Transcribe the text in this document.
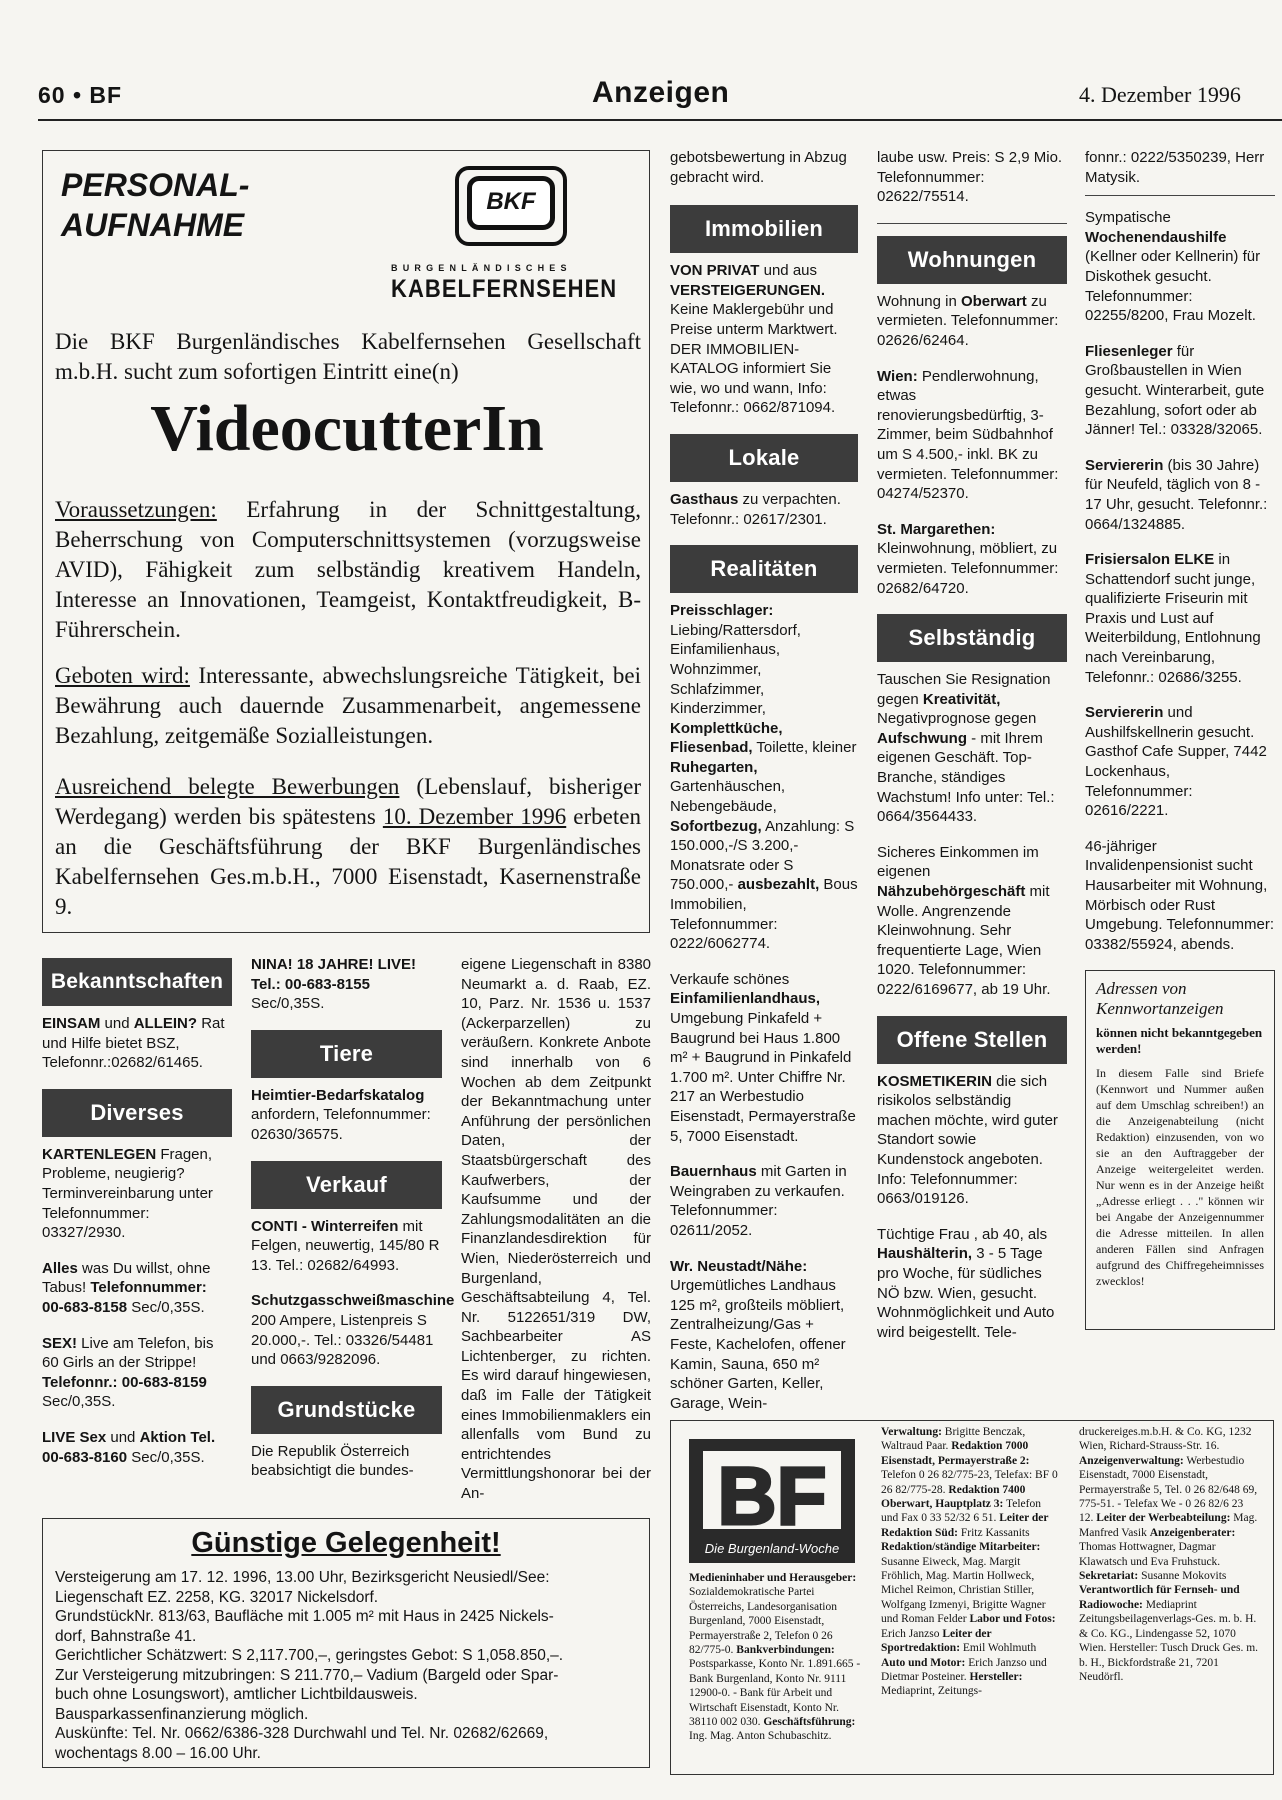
60 • BF	Anzeigen	4. Dezember 1996
PERSONAL-
AUFNAHME
BKF
BURGENLÄNDISCHES
KABELFERNSEHEN
Die BKF Burgenländisches Kabelfernsehen Gesellschaft m.b.H. sucht zum sofortigen Eintritt eine(n)
VideocutterIn
Voraussetzungen: Erfahrung in der Schnittgestaltung, Beherrschung von Computerschnittsystemen (vorzugsweise AVID), Fähigkeit zum selbständig kreativem Handeln, Interesse an Innovationen, Teamgeist, Kontaktfreudigkeit, B-Führerschein.
Geboten wird: Interessante, abwechslungsreiche Tätigkeit, bei Bewährung auch dauernde Zusammenarbeit, angemessene Bezahlung, zeitgemäße Sozialleistungen.
Ausreichend belegte Bewerbungen (Lebenslauf, bisheriger Werdegang) werden bis spätestens 10. Dezember 1996 erbeten an die Geschäftsführung der BKF Burgenländisches Kabelfernsehen Ges.m.b.H., 7000 Eisenstadt, Kasernenstraße 9.
gebotsbewertung in Abzug gebracht wird.
Immobilien
VON PRIVAT und aus VERSTEIGERUNGEN. Keine Maklergebühr und Preise unterm Marktwert. DER IMMOBILIEN-KATALOG informiert Sie wie, wo und wann, Info: Telefonnr.: 0662/871094.
Lokale
Gasthaus zu verpachten. Telefonnr.: 02617/2301.
Realitäten
Preisschlager: Liebing/Rattersdorf, Einfamilienhaus, Wohnzimmer, Schlafzimmer, Kinderzimmer, Komplettküche, Fliesenbad, Toilette, kleiner Ruhegarten, Gartenhäuschen, Nebengebäude, Sofortbezug, Anzahlung: S 150.000,-/S 3.200,- Monatsrate oder S 750.000,- ausbezahlt, Bous Immobilien, Telefonnummer: 0222/6062774.
Verkaufe schönes Einfamilienlandhaus, Umgebung Pinkafeld + Baugrund bei Haus 1.800 m² + Baugrund in Pinkafeld 1.700 m². Unter Chiffre Nr. 217 an Werbestudio Eisenstadt, Permayerstraße 5, 7000 Eisenstadt.
Bauernhaus mit Garten in Weingraben zu verkaufen. Telefonnummer: 02611/2052.
Wr. Neustadt/Nähe: Urgemütliches Landhaus 125 m², großteils möbliert, Zentralheizung/Gas + Feste, Kachelofen, offener Kamin, Sauna, 650 m² schöner Garten, Keller, Garage, Wein-
laube usw. Preis: S 2,9 Mio. Telefonnummer: 02622/75514.
Wohnungen
Wohnung in Oberwart zu vermieten. Telefonnummer: 02626/62464.
Wien: Pendlerwohnung, etwas renovierungsbedürftig, 3-Zimmer, beim Südbahnhof um S 4.500,- inkl. BK zu vermieten. Telefonnummer: 04274/52370.
St. Margarethen: Kleinwohnung, möbliert, zu vermieten. Telefonnummer: 02682/64720.
Selbständig
Tauschen Sie Resignation gegen Kreativität, Negativprognose gegen Aufschwung - mit Ihrem eigenen Geschäft. Top-Branche, ständiges Wachstum! Info unter: Tel.: 0664/3564433.
Sicheres Einkommen im eigenen Nähzubehörgeschäft mit Wolle. Angrenzende Kleinwohnung. Sehr frequentierte Lage, Wien 1020. Telefonnummer: 0222/6169677, ab 19 Uhr.
Offene Stellen
KOSMETIKERIN die sich risikolos selbständig machen möchte, wird guter Standort sowie Kundenstock angeboten. Info: Telefonnummer: 0663/019126.
Tüchtige Frau , ab 40, als Haushälterin, 3 - 5 Tage pro Woche, für südliches NÖ bzw. Wien, gesucht. Wohnmöglichkeit und Auto wird beigestellt. Tele-
fonnr.: 0222/5350239, Herr Matysik.
Sympatische Wochenendaushilfe (Kellner oder Kellnerin) für Diskothek gesucht. Telefonnummer: 02255/8200, Frau Mozelt.
Fliesenleger für Großbaustellen in Wien gesucht. Winterarbeit, gute Bezahlung, sofort oder ab Jänner! Tel.: 03328/32065.
Serviererin (bis 30 Jahre) für Neufeld, täglich von 8 - 17 Uhr, gesucht. Telefonnr.: 0664/1324885.
Frisiersalon ELKE in Schattendorf sucht junge, qualifizierte Friseurin mit Praxis und Lust auf Weiterbildung, Entlohnung nach Vereinbarung, Telefonnr.: 02686/3255.
Serviererin und Aushilfskellnerin gesucht. Gasthof Cafe Supper, 7442 Lockenhaus, Telefonnummer: 02616/2221.
46-jähriger Invalidenpensionist sucht Hausarbeiter mit Wohnung, Mörbisch oder Rust Umgebung. Telefonnummer: 03382/55924, abends.
Adressen von
Kennwortanzeigen
können nicht bekanntgegeben werden!
In diesem Falle sind Briefe (Kennwort und Nummer außen auf dem Umschlag schreiben!) an die Anzeigenabteilung (nicht Redaktion) einzusenden, von wo sie an den Auftraggeber der Anzeige weitergeleitet werden. Nur wenn es in der Anzeige heißt „Adresse erliegt . . ." können wir bei Angabe der Anzeigennummer die Adresse mitteilen. In allen anderen Fällen sind Anfragen aufgrund des Chiffregeheimnisses zwecklos!
Bekanntschaften
EINSAM und ALLEIN? Rat und Hilfe bietet BSZ, Telefonnr.:02682/61465.
Diverses
KARTENLEGEN Fragen, Probleme, neugierig? Terminvereinbarung unter Telefonnummer: 03327/2930.
Alles was Du willst, ohne Tabus! Telefonnummer: 00-683-8158 Sec/0,35S.
SEX! Live am Telefon, bis 60 Girls an der Strippe! Telefonnr.: 00-683-8159 Sec/0,35S.
LIVE Sex und Aktion Tel. 00-683-8160 Sec/0,35S.
NINA! 18 JAHRE! LIVE! Tel.: 00-683-8155 Sec/0,35S.
Tiere
Heimtier-Bedarfskatalog anfordern, Telefonnummer: 02630/36575.
Verkauf
CONTI - Winterreifen mit Felgen, neuwertig, 145/80 R 13. Tel.: 02682/64993.
Schutzgasschweißmaschine 200 Ampere, Listenpreis S 20.000,-. Tel.: 03326/54481 und 0663/9282096.
Grundstücke
Die Republik Österreich beabsichtigt die bundes-
eigene Liegenschaft in 8380 Neumarkt a. d. Raab, EZ. 10, Parz. Nr. 1536 u. 1537 (Ackerparzellen) zu veräußern. Konkrete Anbote sind innerhalb von 6 Wochen ab dem Zeitpunkt der Bekanntmachung unter Anführung der persönlichen Daten, der Staatsbürgerschaft des Kaufwerbers, der Kaufsumme und der Zahlungsmodalitäten an die Finanzlandesdirektion für Wien, Niederösterreich und Burgenland, Geschäftsabteilung 4, Tel. Nr. 5122651/319 DW, Sachbearbeiter AS Lichtenberger, zu richten. Es wird darauf hingewiesen, daß im Falle der Tätigkeit eines Immobilienmaklers ein allenfalls vom Bund zu entrichtendes Vermittlungshonorar bei der An-
Günstige Gelegenheit!
Versteigerung am 17. 12. 1996, 13.00 Uhr, Bezirksgericht Neusiedl/See:
Liegenschaft EZ. 2258, KG. 32017 Nickelsdorf.
GrundstückNr. 813/63, Baufläche mit 1.005 m² mit Haus in 2425 Nickels-
dorf, Bahnstraße 41.
Gerichtlicher Schätzwert: S 2,117.700,–, geringstes Gebot: S 1,058.850,–.
Zur Versteigerung mitzubringen: S 211.770,– Vadium (Bargeld oder Spar-
buch ohne Losungswort), amtlicher Lichtbildausweis.
Bausparkassenfinanzierung möglich.
Auskünfte: Tel. Nr. 0662/6386-328 Durchwahl und Tel. Nr. 02682/62669,
wochentags 8.00 – 16.00 Uhr.
BF
Die Burgenland-Woche
Medieninhaber und Herausgeber: Sozialdemokratische Partei Österreichs, Landesorganisation Burgenland, 7000 Eisenstadt, Permayerstraße 2, Telefon 0 26 82/775-0. Bankverbindungen: Postsparkasse, Konto Nr. 1.891.665 - Bank Burgenland, Konto Nr. 9111 12900-0. - Bank für Arbeit und Wirtschaft Eisenstadt, Konto Nr. 38110 002 030. Geschäftsführung: Ing. Mag. Anton Schubaschitz.
Verwaltung: Brigitte Benczak, Waltraud Paar. Redaktion 7000 Eisenstadt, Permayerstraße 2: Telefon 0 26 82/775-23, Telefax: BF 0 26 82/775-28. Redaktion 7400 Oberwart, Hauptplatz 3: Telefon und Fax 0 33 52/32 6 51. Leiter der Redaktion Süd: Fritz Kassanits Redaktion/ständige Mitarbeiter: Susanne Eiweck, Mag. Margit Fröhlich, Mag. Martin Hollweck, Michel Reimon, Christian Stiller, Wolfgang Izmenyi, Brigitte Wagner und Roman Felder Labor und Fotos: Erich Janzso Leiter der Sportredaktion: Emil Wohlmuth Auto und Motor: Erich Janzso und Dietmar Posteiner. Hersteller: Mediaprint, Zeitungs-
druckereiges.m.b.H. & Co. KG, 1232 Wien, Richard-Strauss-Str. 16. Anzeigenverwaltung: Werbestudio Eisenstadt, 7000 Eisenstadt, Permayerstraße 5, Tel. 0 26 82/648 69, 775-51. - Telefax We - 0 26 82/6 23 12. Leiter der Werbeabteilung: Mag. Manfred Vasik Anzeigenberater: Thomas Hottwagner, Dagmar Klawatsch und Eva Fruhstuck. Sekretariat: Susanne Mokovits Verantwortlich für Fernseh- und Radiowoche: Mediaprint Zeitungsbeilagenverlags-Ges. m. b. H. & Co. KG., Lindengasse 52, 1070 Wien. Hersteller: Tusch Druck Ges. m. b. H., Bickfordstraße 21, 7201 Neudörfl.
